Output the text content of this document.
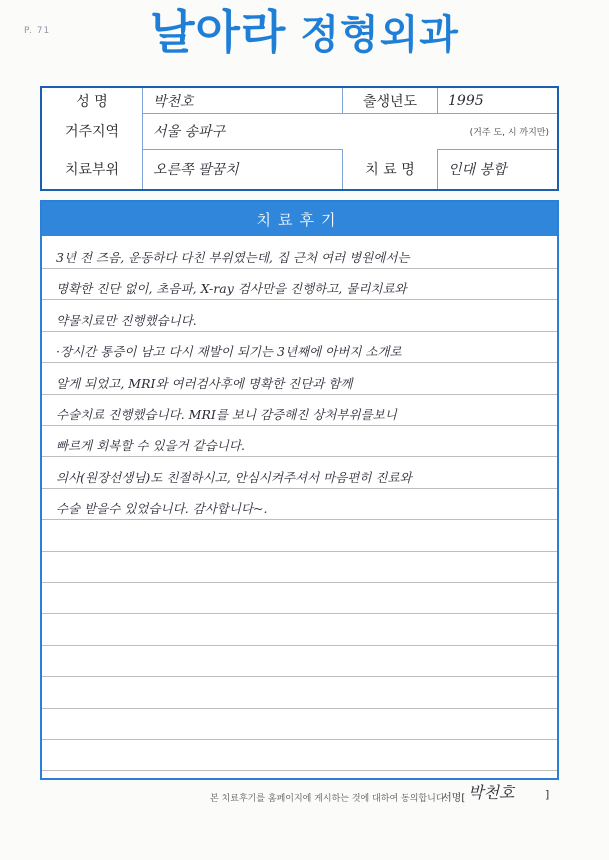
P. 71	날아라 정형외과
성 명	박천호	출생년도	1995
거주지역	서울 송파구	(거주 도, 시 까지만)
치료부위	오른쪽 팔꿈치	치 료 명	인대 봉합
치료후기
3년 전 즈음, 운동하다 다친 부위였는데, 집 근처 여러 병원에서는
명확한 진단 없이, 초음파, X-ray 검사만을 진행하고, 물리치료와
약물치료만 진행했습니다.
·장시간 통증이 남고 다시 재발이 되기는 3년째에 아버지 소개로
알게 되었고, MRI와 여러검사후에 명확한 진단과 함께
수술치료 진행했습니다. MRI를 보니 감증해진 상처부위를보니
빠르게 회복할 수 있을거 같습니다.
의사(원장선생님)도 친절하시고, 안심시켜주셔서 마음편히 진료와
수술 받을수 있었습니다. 감사합니다~.
본 치료후기를 홈페이지에 게시하는 것에 대하여 동의합니다.
서명[ 박천호	]
